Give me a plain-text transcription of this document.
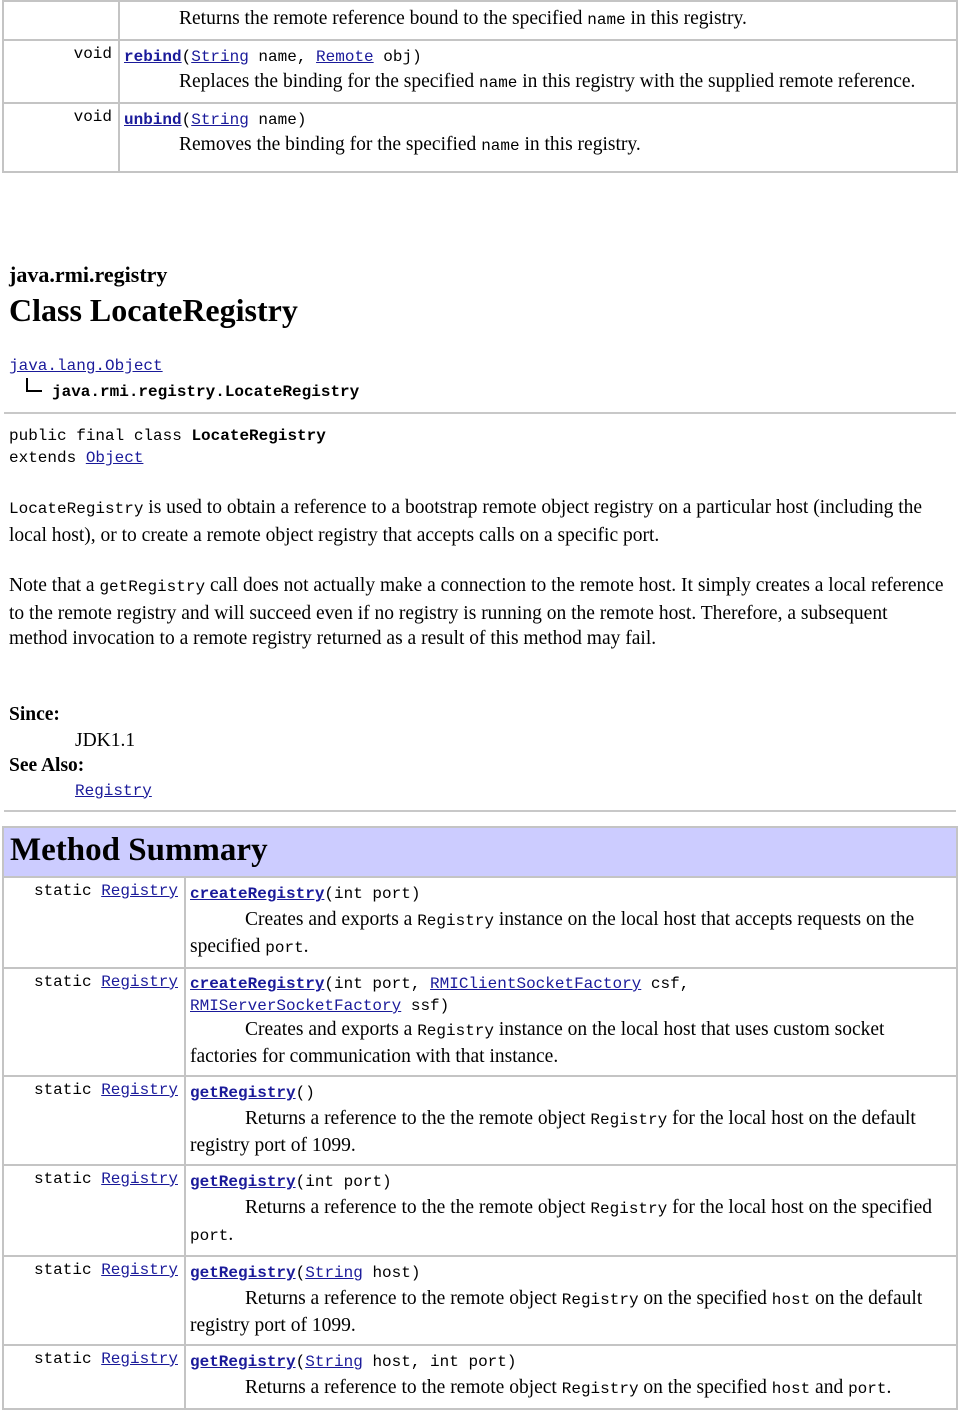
	Returns the remote reference bound to the specified name in this registry.

void	rebind(String name, Remote obj)
Replaces the binding for the specified name in this registry with the supplied remote reference.

void	unbind(String name)
Removes the binding for the specified name in this registry.
java.rmi.registry
Class LocateRegistry
java.lang.Object
java.rmi.registry.LocateRegistry
public final class LocateRegistry
extends Object
LocateRegistry is used to obtain a reference to a bootstrap remote object registry on a particular host (including the local host), or to create a remote object registry that accepts calls on a specific port.
Note that a getRegistry call does not actually make a connection to the remote host. It simply creates a local reference to the remote registry and will succeed even if no registry is running on the remote host. Therefore, a subsequent method invocation to a remote registry returned as a result of this method may fail.
Since:
JDK1.1
See Also:
Registry
Method Summary	
static Registry	createRegistry(int port)
Creates and exports a Registry instance on the local host that accepts requests on the specified port.

static Registry	createRegistry(int port, RMIClientSocketFactory csf,
RMIServerSocketFactory ssf)
Creates and exports a Registry instance on the local host that uses custom socket factories for communication with that instance.

static Registry	getRegistry()
Returns a reference to the the remote object Registry for the local host on the default registry port of 1099.

static Registry	getRegistry(int port)
Returns a reference to the the remote object Registry for the local host on the specified port.

static Registry	getRegistry(String host)
Returns a reference to the remote object Registry on the specified host on the default registry port of 1099.

static Registry	getRegistry(String host, int port)
Returns a reference to the remote object Registry on the specified host and port.
